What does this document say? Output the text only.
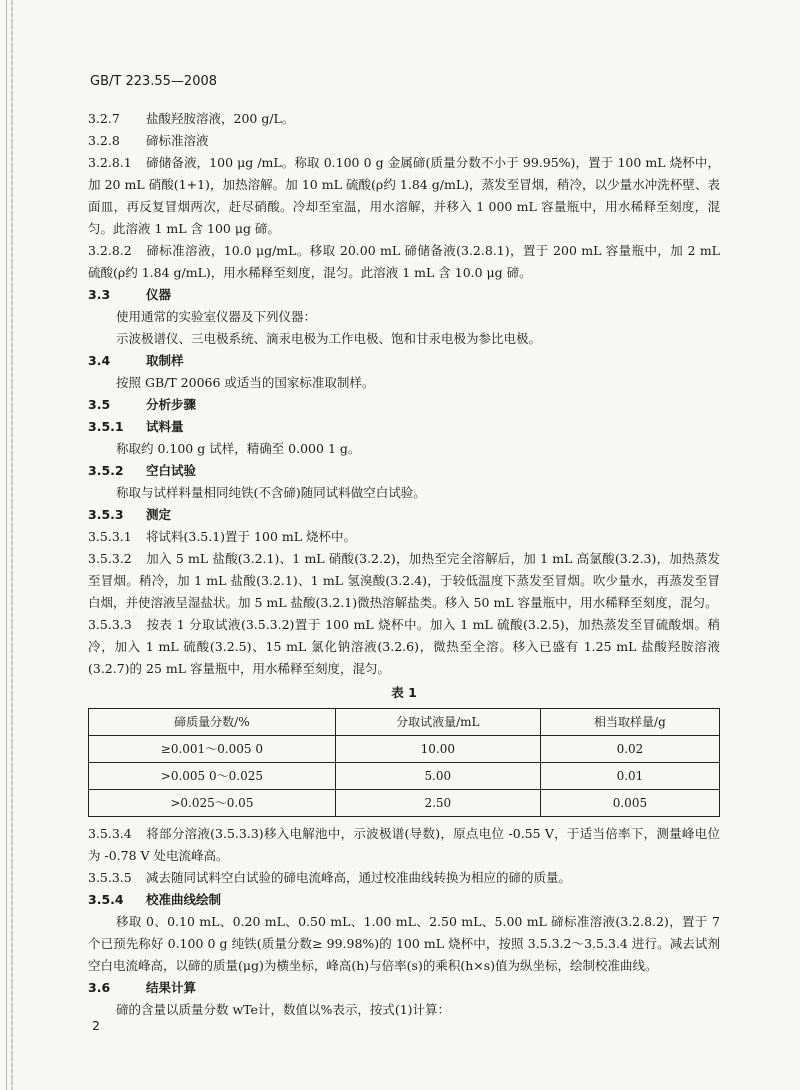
GB/T 223.55—2008

3.2.7 盐酸羟胺溶液，200 g/L。

3.2.8 碲标准溶液

3.2.8.1 碲储备液，100 μg /mL。称取 0.100 0 g 金属碲(质量分数不小于 99.95%)，置于 100 mL 烧杯中，加 20 mL 硝酸(1+1)，加热溶解。加 10 mL 硫酸(ρ约 1.84 g/mL)，蒸发至冒烟，稍冷，以少量水冲洗杯壁、表面皿，再反复冒烟两次，赶尽硝酸。冷却至室温，用水溶解，并移入 1 000 mL 容量瓶中，用水稀释至刻度，混匀。此溶液 1 mL 含 100 μg 碲。

3.2.8.2 碲标准溶液，10.0 μg/mL。移取 20.00 mL 碲储备液(3.2.8.1)，置于 200 mL 容量瓶中，加 2 mL 硫酸(ρ约 1.84 g/mL)，用水稀释至刻度，混匀。此溶液 1 mL 含 10.0 μg 碲。

3.3	仪器

使用通常的实验室仪器及下列仪器：

示波极谱仪、三电极系统、滴汞电极为工作电极、饱和甘汞电极为参比电极。

3.4	取制样

按照 GB/T 20066 或适当的国家标准取制样。

3.5	分析步骤

3.5.1 试料量

称取约 0.100 g 试样，精确至 0.000 1 g。

3.5.2 空白试验

称取与试样料量相同纯铁(不含碲)随同试料做空白试验。

3.5.3 测定

3.5.3.1 将试料(3.5.1)置于 100 mL 烧杯中。

3.5.3.2 加入 5 mL 盐酸(3.2.1)、1 mL 硝酸(3.2.2)，加热至完全溶解后，加 1 mL 高氯酸(3.2.3)，加热蒸发至冒烟。稍冷，加 1 mL 盐酸(3.2.1)、1 mL 氢溴酸(3.2.4)，于较低温度下蒸发至冒烟。吹少量水，再蒸发至冒白烟，并使溶液呈湿盐状。加 5 mL 盐酸(3.2.1)微热溶解盐类。移入 50 mL 容量瓶中，用水稀释至刻度，混匀。

3.5.3.3 按表 1 分取试液(3.5.3.2)置于 100 mL 烧杯中。加入 1 mL 硫酸(3.2.5)，加热蒸发至冒硫酸烟。稍冷，加入 1 mL 硫酸(3.2.5)、15 mL 氯化钠溶液(3.2.6)，微热至全溶。移入已盛有 1.25 mL 盐酸羟胺溶液(3.2.7)的 25 mL 容量瓶中，用水稀释至刻度，混匀。

表 1
碲质量分数/%	分取试液量/mL	相当取样量/g
≥0.001～0.005 0	10.00	0.02
>0.005 0～0.025	5.00	0.01
>0.025～0.05	2.50	0.005

3.5.3.4 将部分溶液(3.5.3.3)移入电解池中，示波极谱(导数)，原点电位 -0.55 V，于适当倍率下，测量峰电位为 -0.78 V 处电流峰高。

3.5.3.5 减去随同试料空白试验的碲电流峰高，通过校准曲线转换为相应的碲的质量。

3.5.4 校准曲线绘制

移取 0、0.10 mL、0.20 mL、0.50 mL、1.00 mL、2.50 mL、5.00 mL 碲标准溶液(3.2.8.2)，置于 7 个已预先称好 0.100 0 g 纯铁(质量分数≥ 99.98%)的 100 mL 烧杯中，按照 3.5.3.2～3.5.3.4 进行。减去试剂空白电流峰高，以碲的质量(μg)为横坐标，峰高(h)与倍率(s)的乘积(h×s)值为纵坐标，绘制校准曲线。

3.6	结果计算

碲的含量以质量分数 wTe计，数值以%表示，按式(1)计算：

2
